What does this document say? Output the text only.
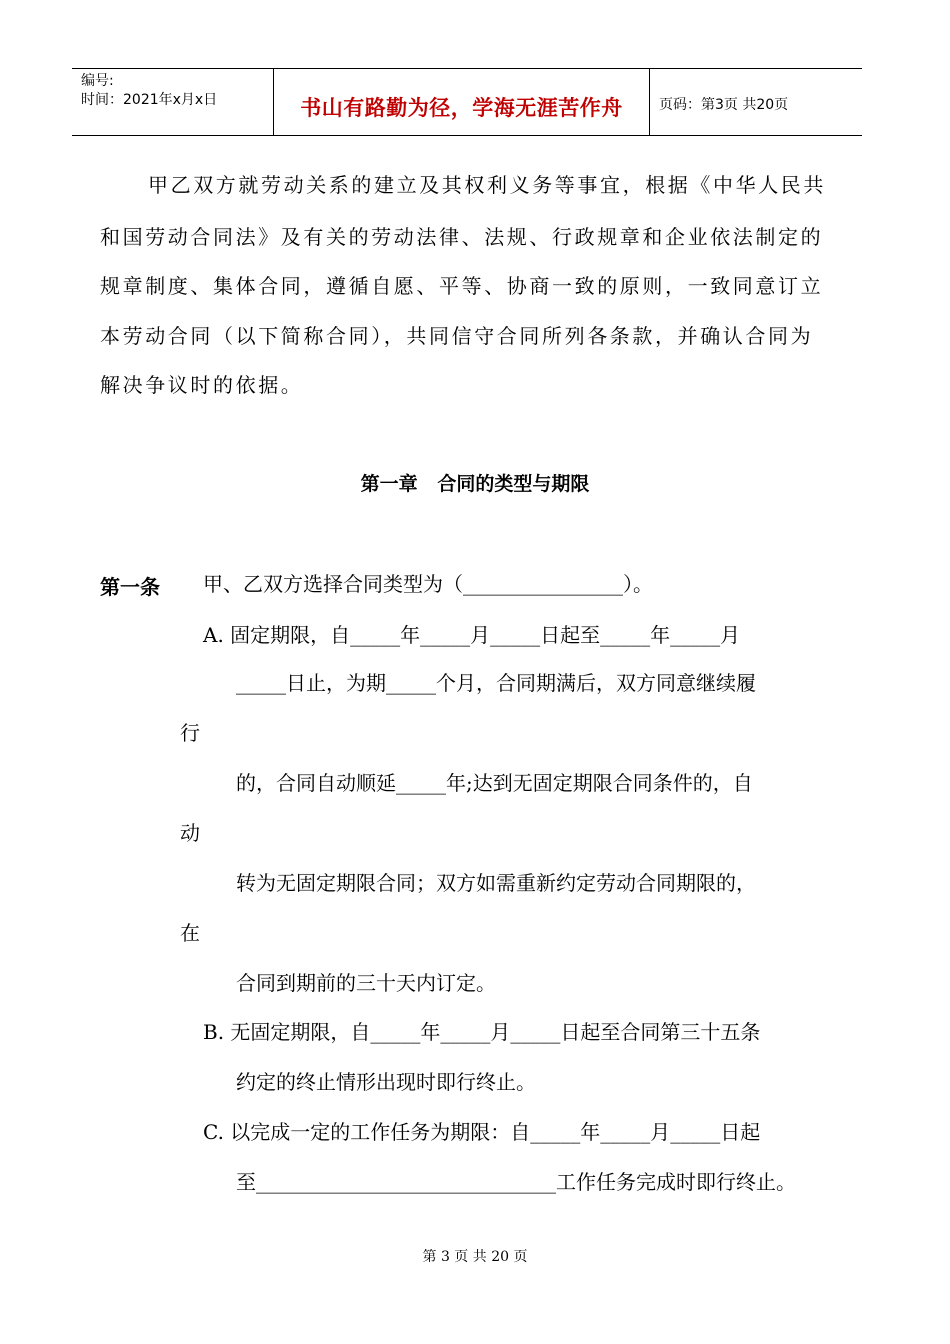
编号:
时间：2021年x月x日	书山有路勤为径，学海无涯苦作舟	页码：第3页 共20页
甲乙双方就劳动关系的建立及其权利义务等事宜，根据《中华人民共
和国劳动合同法》及有关的劳动法律、法规、行政规章和企业依法制定的
规章制度、集体合同，遵循自愿、平等、协商一致的原则，一致同意订立
本劳动合同（以下简称合同），共同信守合同所列各条款，并确认合同为
解决争议时的依据。
第一章   合同的类型与期限
第一条 甲、乙双方选择合同类型为（________________）。
A. 固定期限，自_____年_____月_____日起至_____年_____月
_____日止，为期_____个月，合同期满后，双方同意继续履
行
的，合同自动顺延_____年;达到无固定期限合同条件的，自
动
转为无固定期限合同；双方如需重新约定劳动合同期限的，
在
合同到期前的三十天内订定。
B. 无固定期限，自_____年_____月_____日起至合同第三十五条
约定的终止情形出现时即行终止。
C. 以完成一定的工作任务为期限：自_____年_____月_____日起
至______________________________工作任务完成时即行终止。
第 3 页 共 20 页
